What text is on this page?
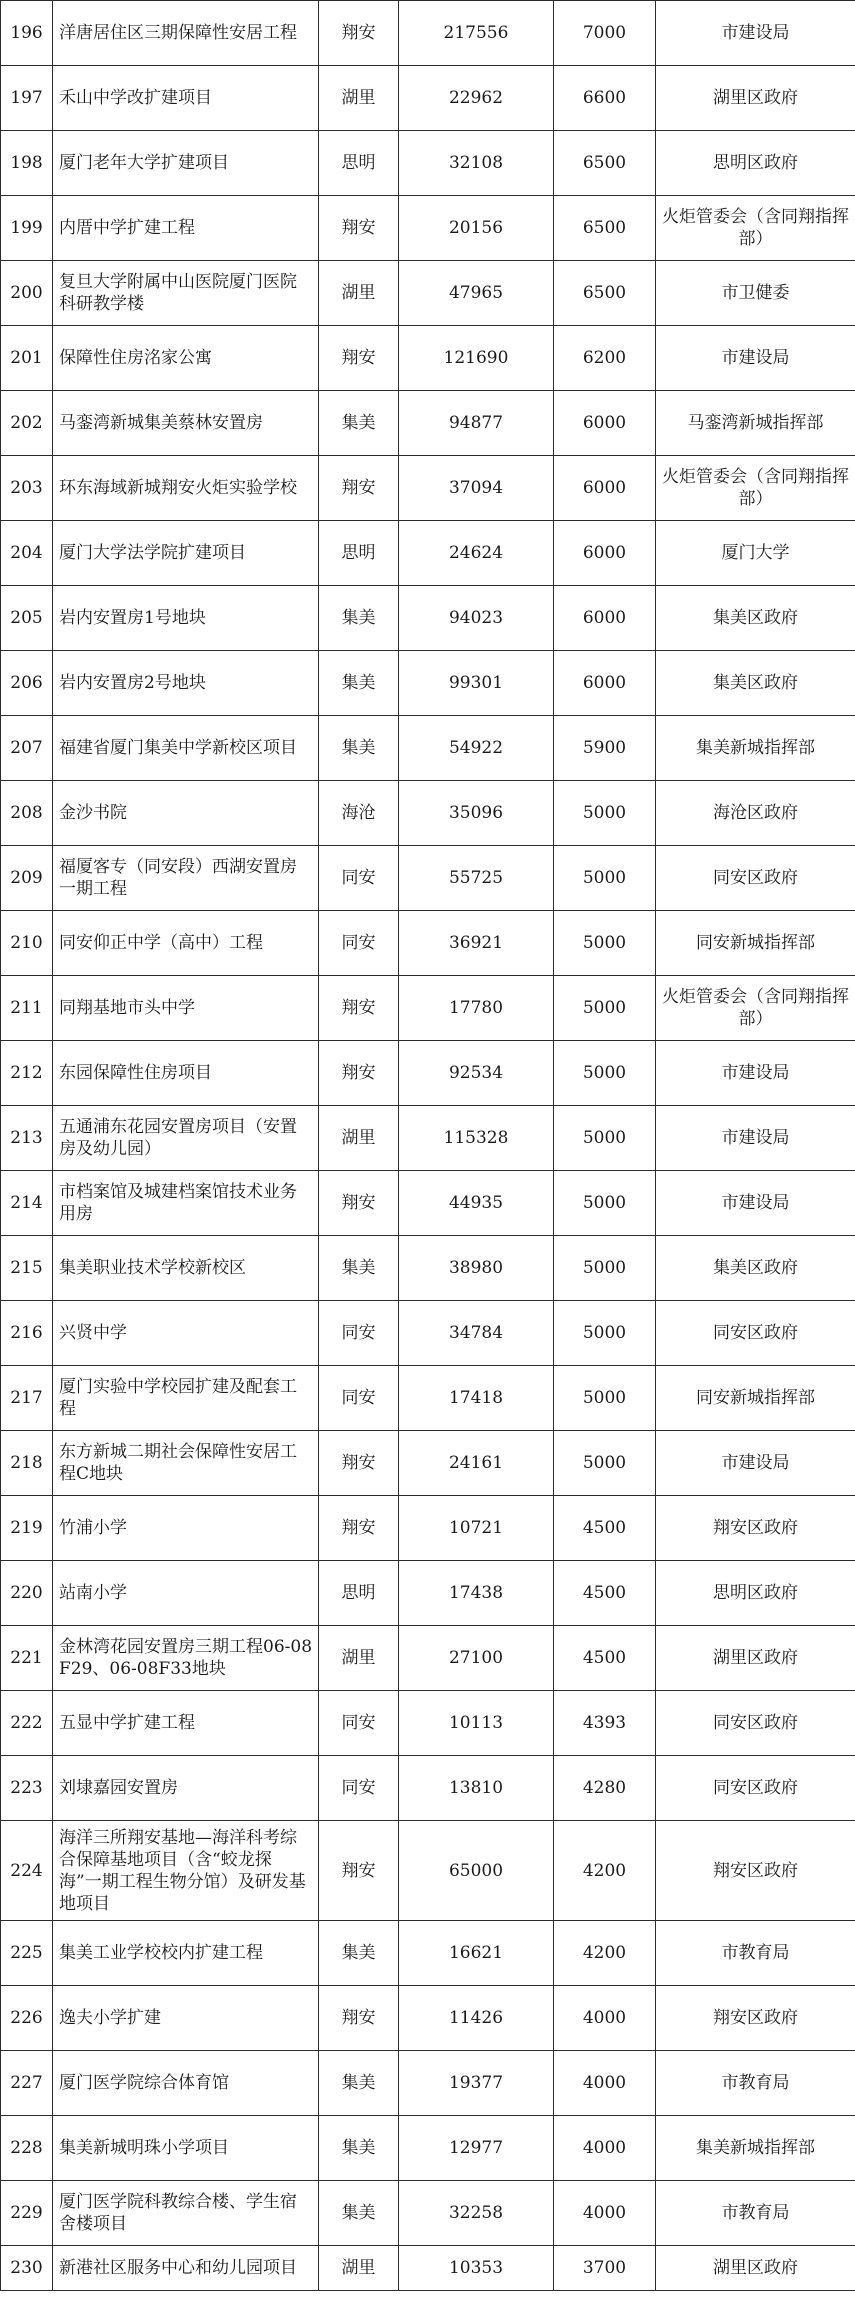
196	洋唐居住区三期保障性安居工程	翔安	217556	7000	市建设局
197	禾山中学改扩建项目	湖里	22962	6600	湖里区政府
198	厦门老年大学扩建项目	思明	32108	6500	思明区政府
199	内厝中学扩建工程	翔安	20156	6500	火炬管委会（含同翔指挥部）
200	复旦大学附属中山医院厦门医院科研教学楼	湖里	47965	6500	市卫健委
201	保障性住房洺家公寓	翔安	121690	6200	市建设局
202	马銮湾新城集美蔡林安置房	集美	94877	6000	马銮湾新城指挥部
203	环东海域新城翔安火炬实验学校	翔安	37094	6000	火炬管委会（含同翔指挥部）
204	厦门大学法学院扩建项目	思明	24624	6000	厦门大学
205	岩内安置房1号地块	集美	94023	6000	集美区政府
206	岩内安置房2号地块	集美	99301	6000	集美区政府
207	福建省厦门集美中学新校区项目	集美	54922	5900	集美新城指挥部
208	金沙书院	海沧	35096	5000	海沧区政府
209	福厦客专（同安段）西湖安置房一期工程	同安	55725	5000	同安区政府
210	同安仰正中学（高中）工程	同安	36921	5000	同安新城指挥部
211	同翔基地市头中学	翔安	17780	5000	火炬管委会（含同翔指挥部）
212	东园保障性住房项目	翔安	92534	5000	市建设局
213	五通浦东花园安置房项目（安置房及幼儿园）	湖里	115328	5000	市建设局
214	市档案馆及城建档案馆技术业务用房	翔安	44935	5000	市建设局
215	集美职业技术学校新校区	集美	38980	5000	集美区政府
216	兴贤中学	同安	34784	5000	同安区政府
217	厦门实验中学校园扩建及配套工程	同安	17418	5000	同安新城指挥部
218	东方新城二期社会保障性安居工程C地块	翔安	24161	5000	市建设局
219	竹浦小学	翔安	10721	4500	翔安区政府
220	站南小学	思明	17438	4500	思明区政府
221	金林湾花园安置房三期工程06-08F29、06-08F33地块	湖里	27100	4500	湖里区政府
222	五显中学扩建工程	同安	10113	4393	同安区政府
223	刘埭嘉园安置房	同安	13810	4280	同安区政府
224	海洋三所翔安基地—海洋科考综合保障基地项目（含“蛟龙探海”一期工程生物分馆）及研发基地项目	翔安	65000	4200	翔安区政府
225	集美工业学校校内扩建工程	集美	16621	4200	市教育局
226	逸夫小学扩建	翔安	11426	4000	翔安区政府
227	厦门医学院综合体育馆	集美	19377	4000	市教育局
228	集美新城明珠小学项目	集美	12977	4000	集美新城指挥部
229	厦门医学院科教综合楼、学生宿舍楼项目	集美	32258	4000	市教育局
230	新港社区服务中心和幼儿园项目	湖里	10353	3700	湖里区政府
